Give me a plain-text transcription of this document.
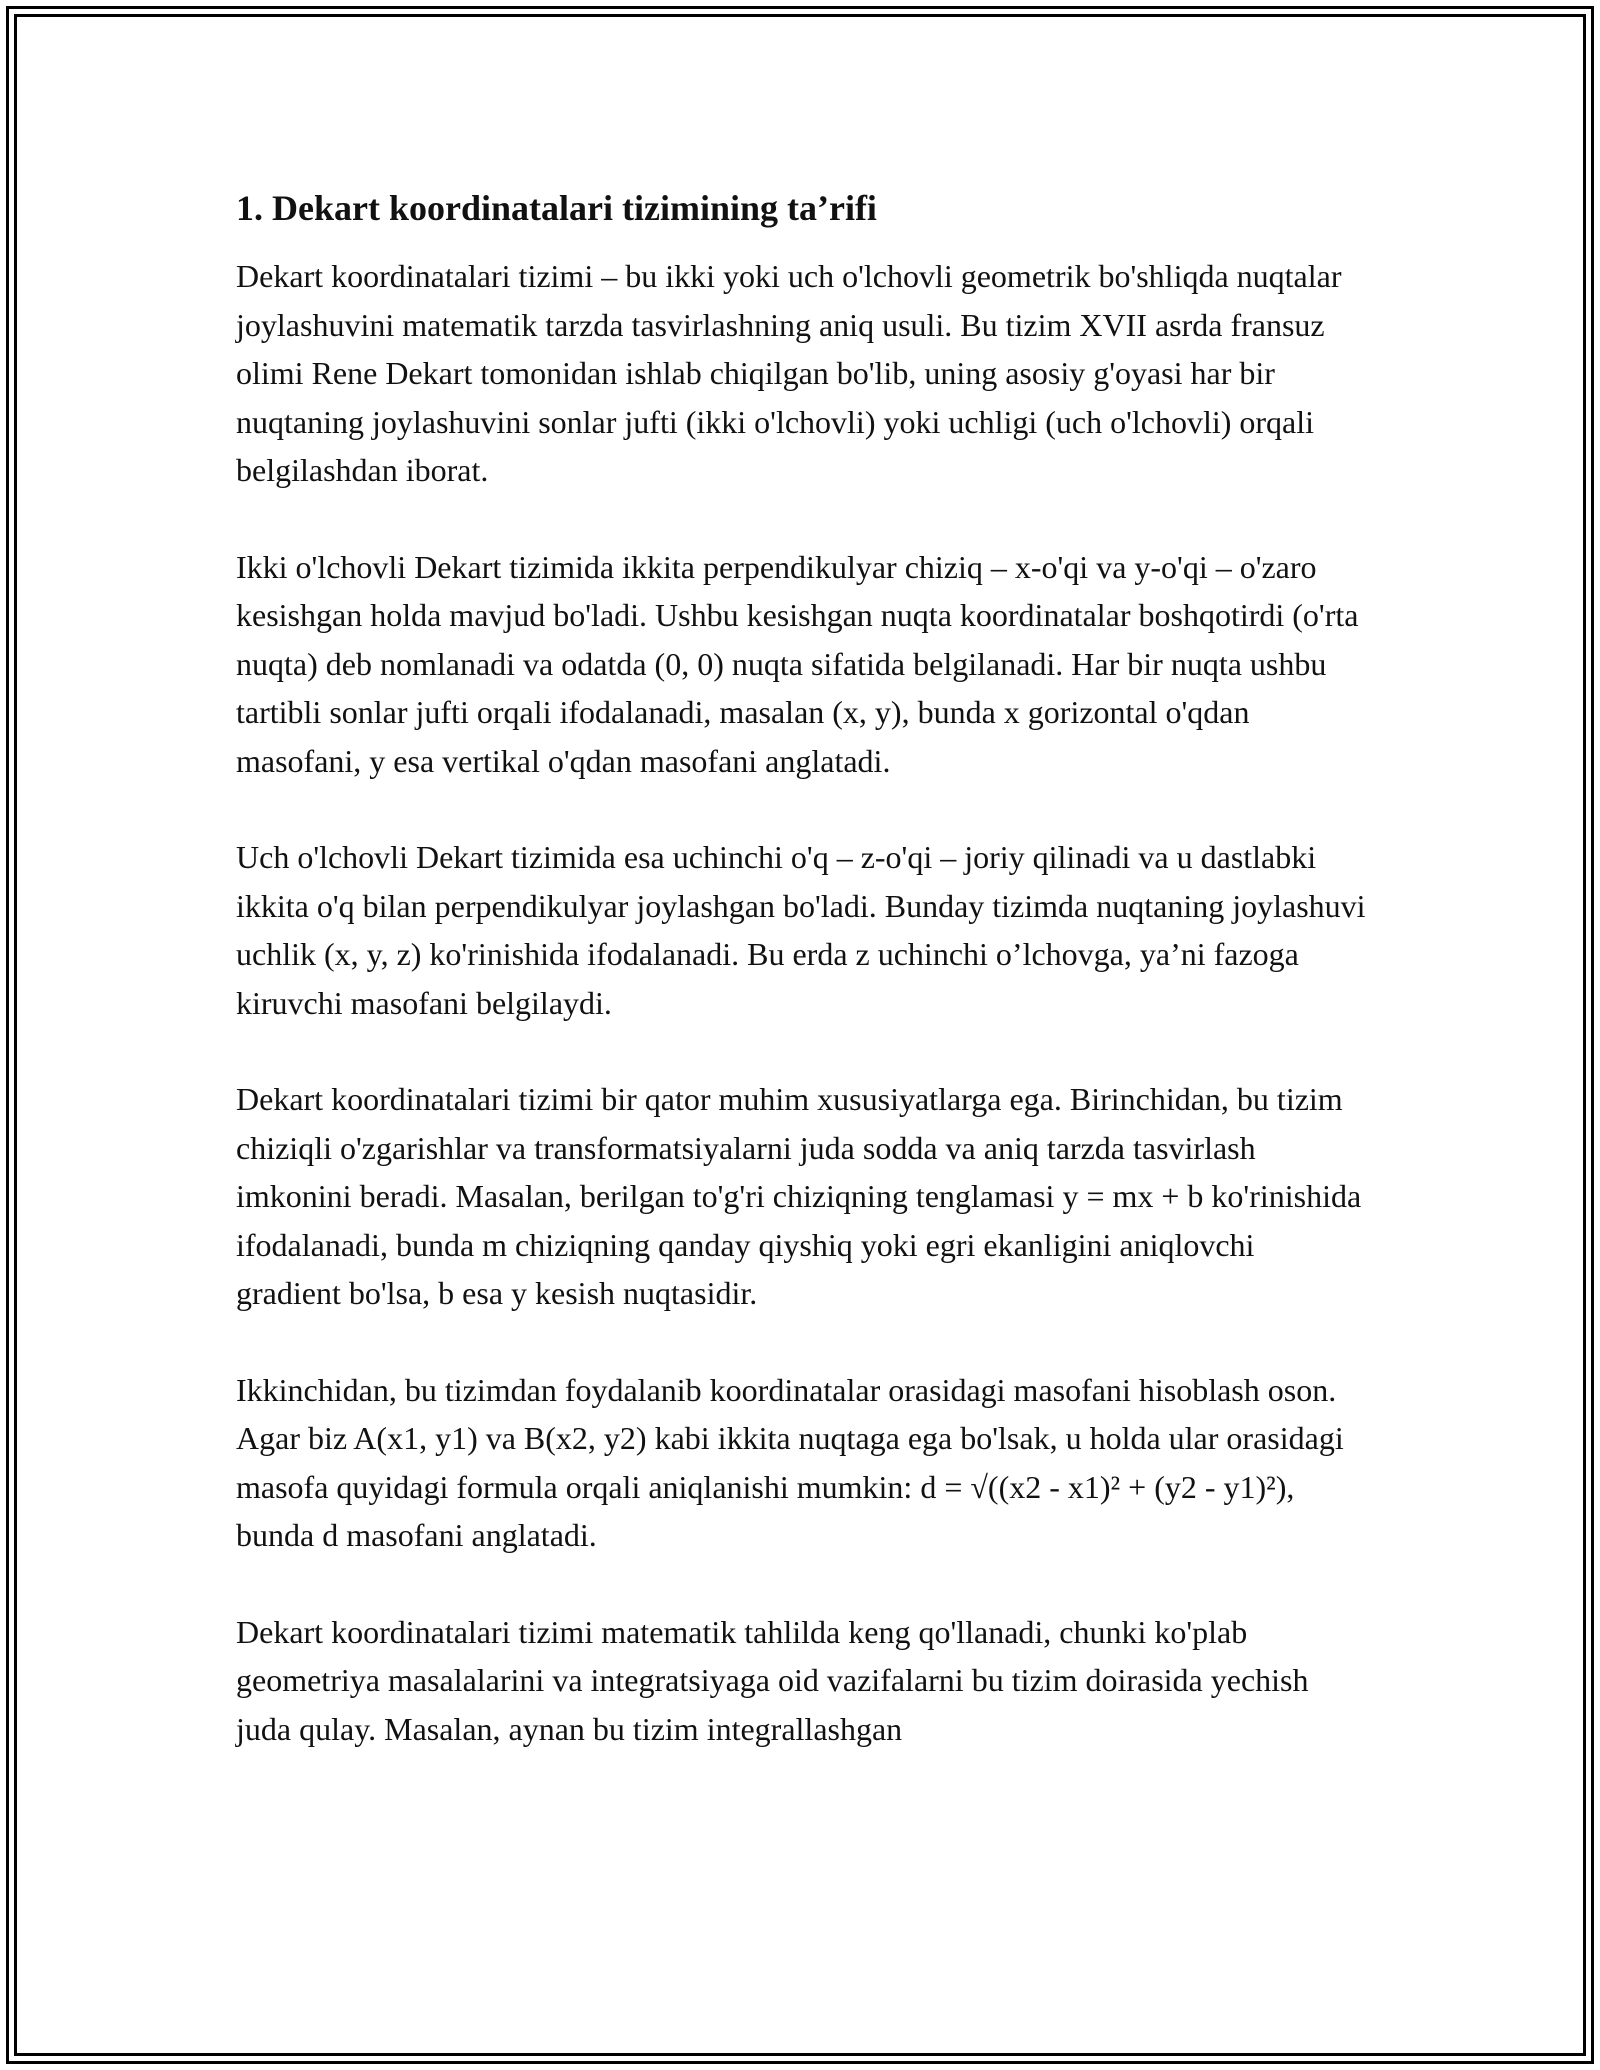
1. Dekart koordinatalari tizimining ta’rifi

Dekart koordinatalari tizimi – bu ikki yoki uch o'lchovli geometrik bo'shliqda nuqtalar joylashuvini matematik tarzda tasvirlashning aniq usuli. Bu tizim XVII asrda fransuz olimi Rene Dekart tomonidan ishlab chiqilgan bo'lib, uning asosiy g'oyasi har bir nuqtaning joylashuvini sonlar jufti (ikki o'lchovli) yoki uchligi (uch o'lchovli) orqali belgilashdan iborat.

Ikki o'lchovli Dekart tizimida ikkita perpendikulyar chiziq – x-o'qi va y-o'qi – o'zaro kesishgan holda mavjud bo'ladi. Ushbu kesishgan nuqta koordinatalar boshqotirdi (o'rta nuqta) deb nomlanadi va odatda (0, 0) nuqta sifatida belgilanadi. Har bir nuqta ushbu tartibli sonlar jufti orqali ifodalanadi, masalan (x, y), bunda x gorizontal o'qdan masofani, y esa vertikal o'qdan masofani anglatadi.

Uch o'lchovli Dekart tizimida esa uchinchi o'q – z-o'qi – joriy qilinadi va u dastlabki ikkita o'q bilan perpendikulyar joylashgan bo'ladi. Bunday tizimda nuqtaning joylashuvi uchlik (x, y, z) ko'rinishida ifodalanadi. Bu erda z uchinchi o’lchovga, ya’ni fazoga kiruvchi masofani belgilaydi.

Dekart koordinatalari tizimi bir qator muhim xususiyatlarga ega. Birinchidan, bu tizim chiziqli o'zgarishlar va transformatsiyalarni juda sodda va aniq tarzda tasvirlash imkonini beradi. Masalan, berilgan to'g'ri chiziqning tenglamasi y = mx + b ko'rinishida ifodalanadi, bunda m chiziqning qanday qiyshiq yoki egri ekanligini aniqlovchi gradient bo'lsa, b esa y kesish nuqtasidir.

Ikkinchidan, bu tizimdan foydalanib koordinatalar orasidagi masofani hisoblash oson. Agar biz A(x1, y1) va B(x2, y2) kabi ikkita nuqtaga ega bo'lsak, u holda ular orasidagi masofa quyidagi formula orqali aniqlanishi mumkin: d = √((x2 - x1)² + (y2 - y1)²), bunda d masofani anglatadi.

Dekart koordinatalari tizimi matematik tahlilda keng qo'llanadi, chunki ko'plab geometriya masalalarini va integratsiyaga oid vazifalarni bu tizim doirasida yechish juda qulay. Masalan, aynan bu tizim integrallashgan
